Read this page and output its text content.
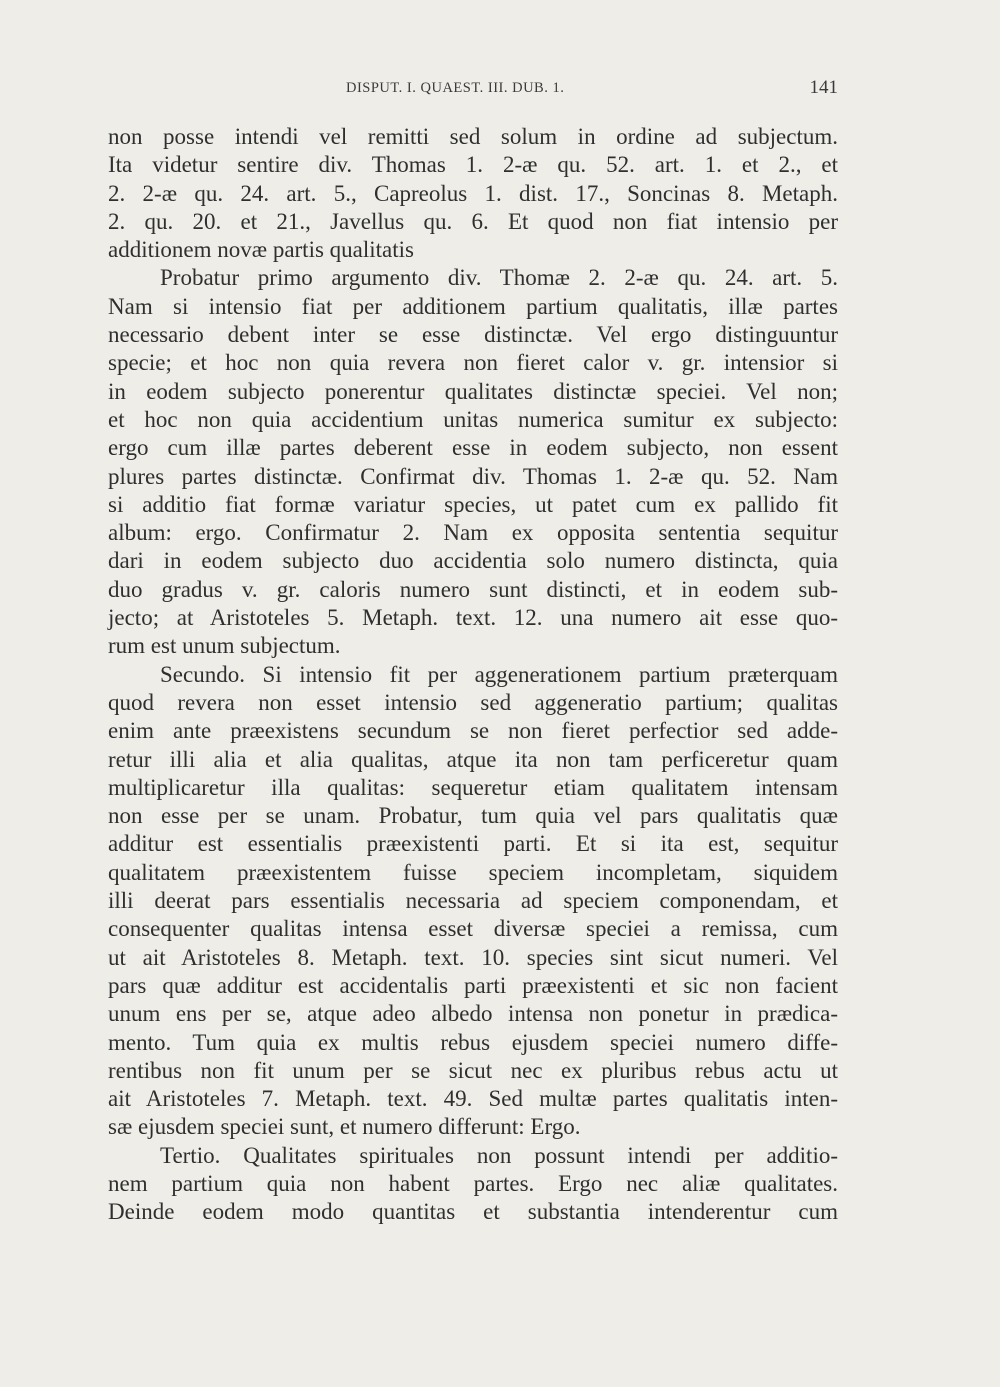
DISPUT. I. QUAEST. III. DUB. 1.	141
non posse intendi vel remitti sed solum in ordine ad subjectum.
Ita videtur sentire div. Thomas 1. 2-æ qu. 52. art. 1. et 2., et
2. 2-æ qu. 24. art. 5., Capreolus 1. dist. 17., Soncinas 8. Metaph.
2. qu. 20. et 21., Javellus qu. 6. Et quod non fiat intensio per
additionem novæ partis qualitatis
Probatur primo argumento div. Thomæ 2. 2-æ qu. 24. art. 5.
Nam si intensio fiat per additionem partium qualitatis, illæ partes
necessario debent inter se esse distinctæ. Vel ergo distinguuntur
specie; et hoc non quia revera non fieret calor v. gr. intensior si
in eodem subjecto ponerentur qualitates distinctæ speciei. Vel non;
et hoc non quia accidentium unitas numerica sumitur ex subjecto:
ergo cum illæ partes deberent esse in eodem subjecto, non essent
plures partes distinctæ. Confirmat div. Thomas 1. 2-æ qu. 52. Nam
si additio fiat formæ variatur species, ut patet cum ex pallido fit
album: ergo. Confirmatur 2. Nam ex opposita sententia sequitur
dari in eodem subjecto duo accidentia solo numero distincta, quia
duo gradus v. gr. caloris numero sunt distincti, et in eodem sub-
jecto; at Aristoteles 5. Metaph. text. 12. una numero ait esse quo-
rum est unum subjectum.
Secundo. Si intensio fit per aggenerationem partium præterquam
quod revera non esset intensio sed aggeneratio partium; qualitas
enim ante præexistens secundum se non fieret perfectior sed adde-
retur illi alia et alia qualitas, atque ita non tam perficeretur quam
multiplicaretur illa qualitas: sequeretur etiam qualitatem intensam
non esse per se unam. Probatur, tum quia vel pars qualitatis quæ
additur est essentialis præexistenti parti. Et si ita est, sequitur
qualitatem præexistentem fuisse speciem incompletam, siquidem
illi deerat pars essentialis necessaria ad speciem componendam, et
consequenter qualitas intensa esset diversæ speciei a remissa, cum
ut ait Aristoteles 8. Metaph. text. 10. species sint sicut numeri. Vel
pars quæ additur est accidentalis parti præexistenti et sic non facient
unum ens per se, atque adeo albedo intensa non ponetur in prædica-
mento. Tum quia ex multis rebus ejusdem speciei numero diffe-
rentibus non fit unum per se sicut nec ex pluribus rebus actu ut
ait Aristoteles 7. Metaph. text. 49. Sed multæ partes qualitatis inten-
sæ ejusdem speciei sunt, et numero differunt: Ergo.
Tertio. Qualitates spirituales non possunt intendi per additio-
nem partium quia non habent partes. Ergo nec aliæ qualitates.
Deinde eodem modo quantitas et substantia intenderentur cum
